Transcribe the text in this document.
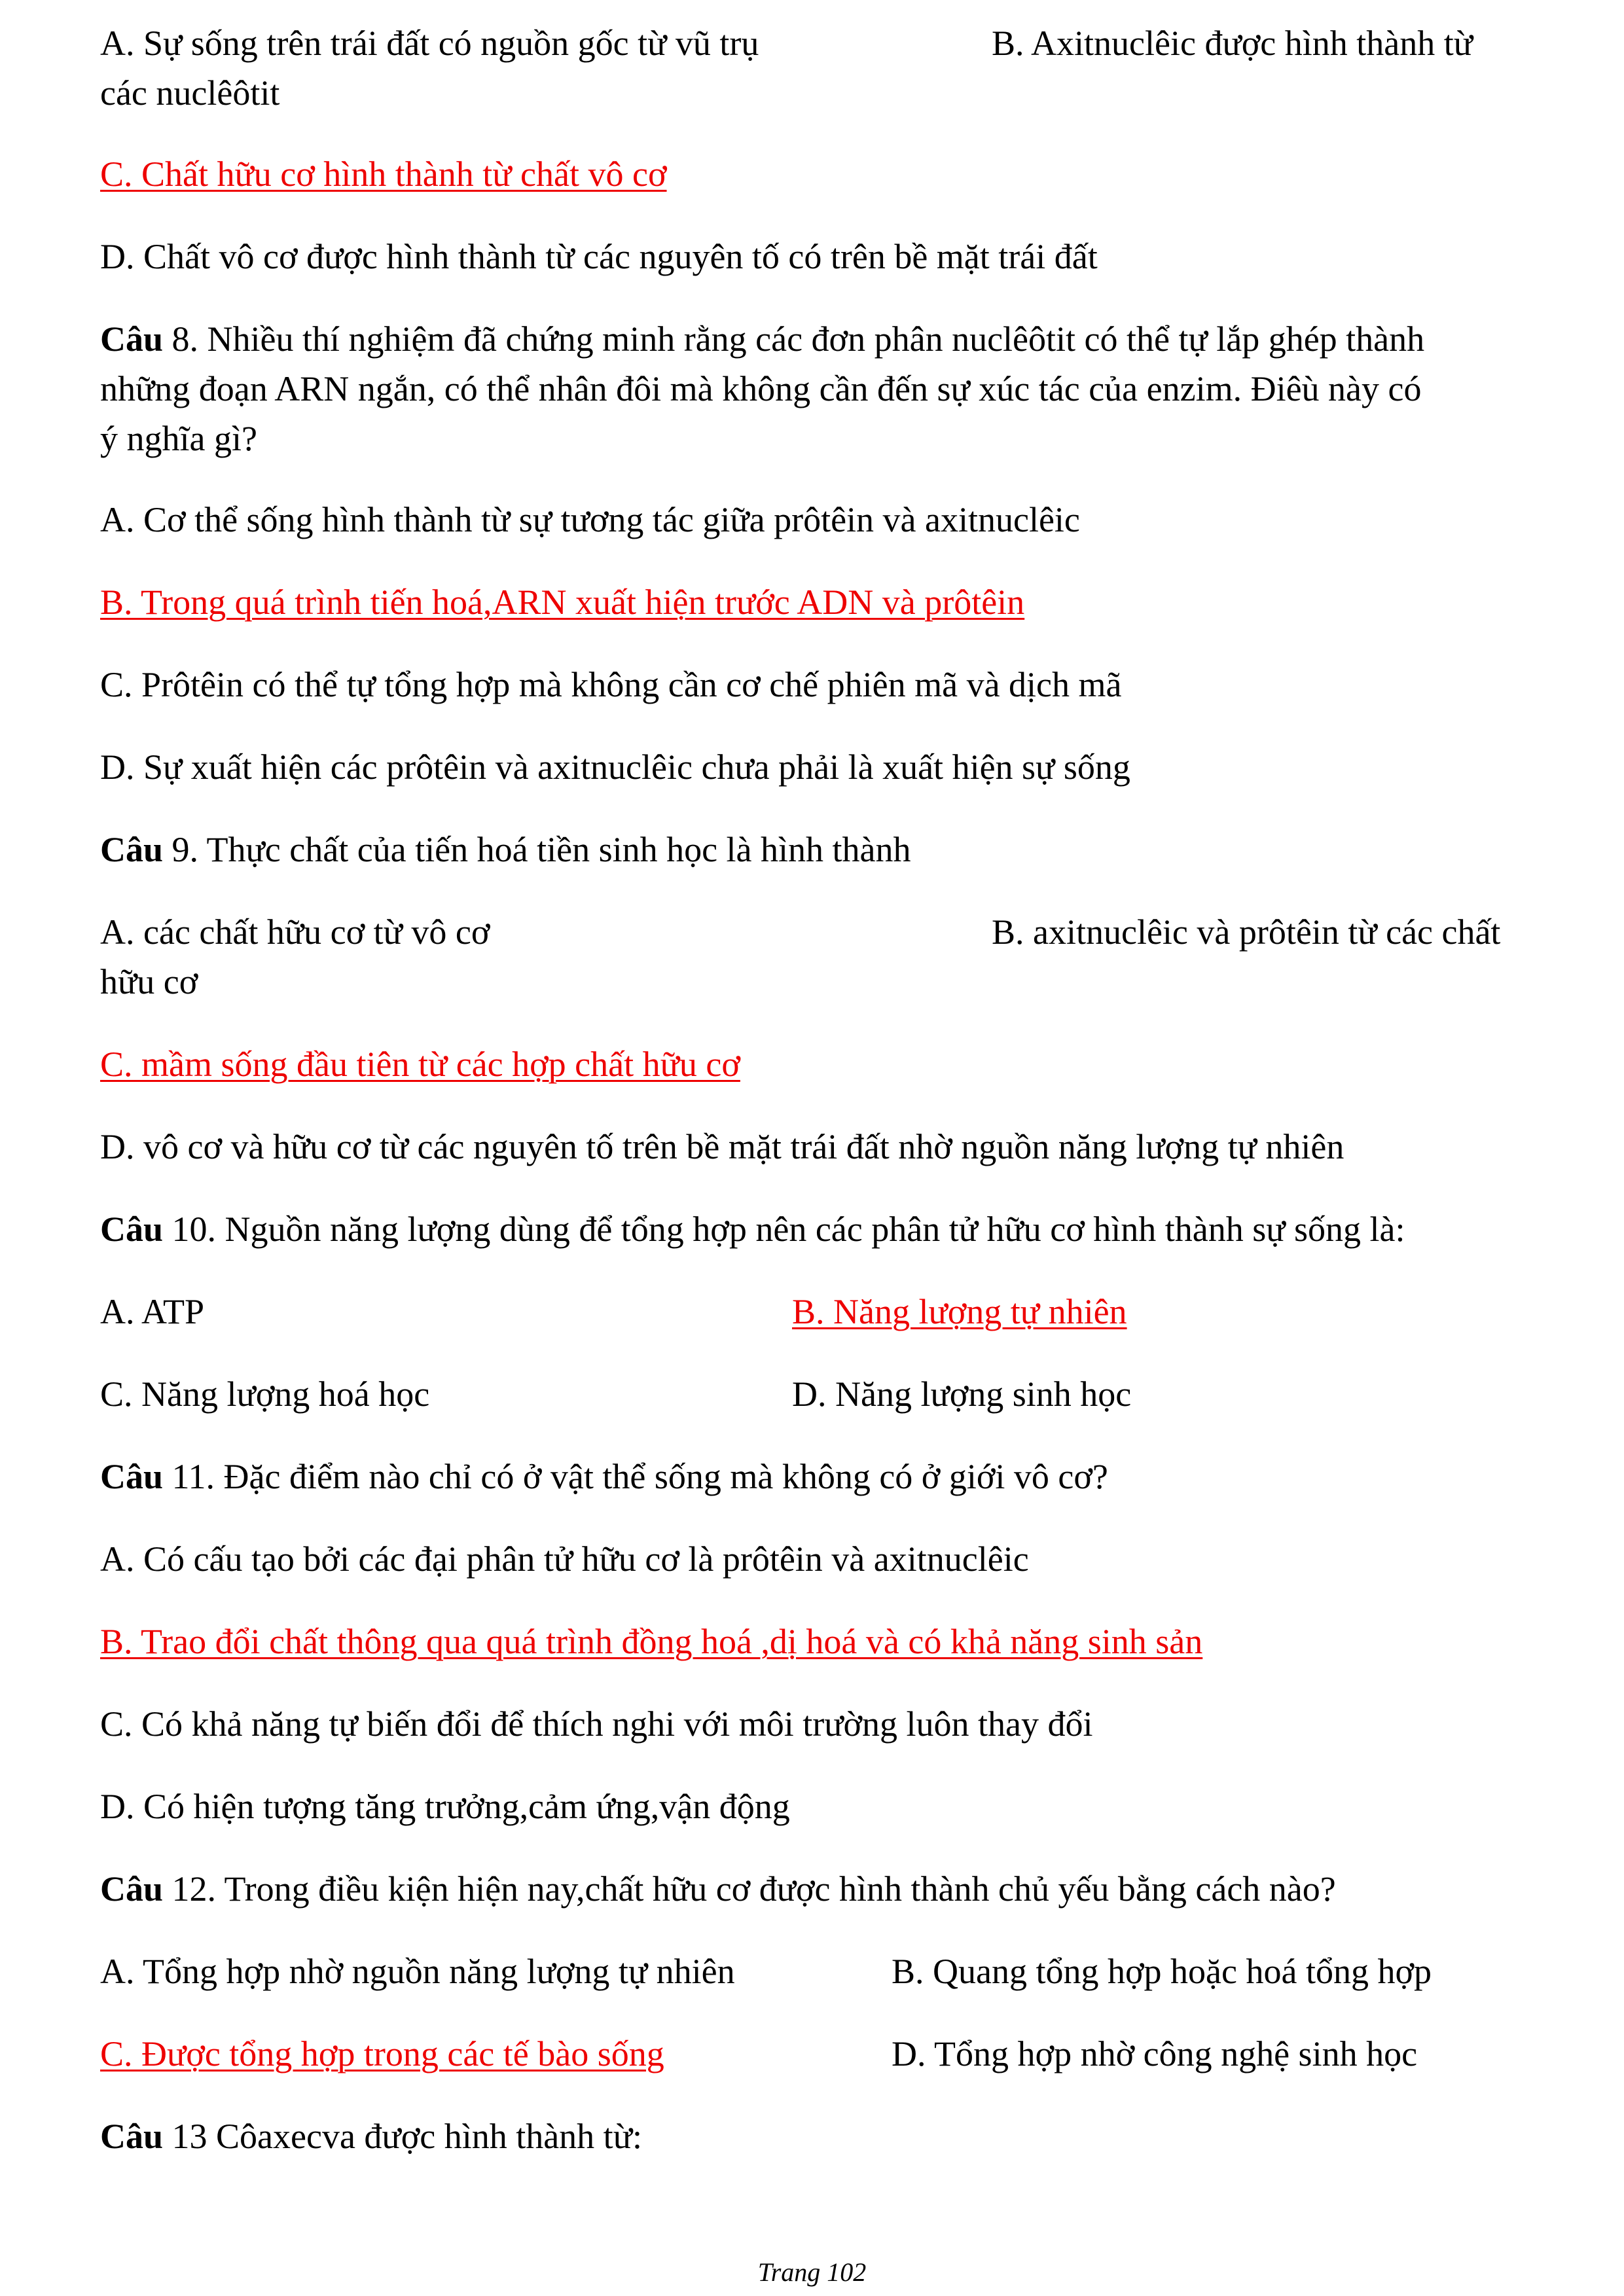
A. Sự sống trên trái đất có nguồn gốc từ vũ trụ	B. Axitnuclêic được hình thành từ
các nuclêôtit
C. Chất hữu cơ hình thành từ chất vô cơ
D. Chất vô cơ được hình thành từ các nguyên tố có trên bề mặt trái đất
Câu 8. Nhiều thí nghiệm đã chứng minh rằng các đơn phân nuclêôtit có thể tự lắp ghép thành
những đoạn ARN ngắn, có thể nhân đôi mà không cần đến sự xúc tác của enzim. Điêù này có
ý nghĩa gì?
A. Cơ thể sống hình thành từ sự tương tác giữa prôtêin và axitnuclêic
B. Trong quá trình tiến hoá,ARN xuất hiện trước ADN và prôtêin
C. Prôtêin có thể tự tổng hợp mà không cần cơ chế phiên mã và dịch mã
D. Sự xuất hiện các prôtêin và axitnuclêic chưa phải là xuất hiện sự sống
Câu 9. Thực chất của tiến hoá tiền sinh học là hình thành
A. các chất hữu cơ từ vô cơ	B. axitnuclêic và prôtêin từ các chất
hữu cơ
C. mầm sống đầu tiên từ các hợp chất hữu cơ
D. vô cơ và hữu cơ từ các nguyên tố trên bề mặt trái đất nhờ nguồn năng lượng tự nhiên
Câu 10. Nguồn năng lượng dùng để tổng hợp nên các phân tử hữu cơ hình thành sự sống là:
A. ATP	B. Năng lượng tự nhiên
C. Năng lượng hoá học	D. Năng lượng sinh học
Câu 11. Đặc điểm nào chỉ có ở vật thể sống mà không có ở giới vô cơ?
A. Có cấu tạo bởi các đại phân tử hữu cơ là prôtêin và axitnuclêic
B. Trao đổi chất thông qua quá trình đồng hoá ,dị hoá và có khả năng sinh sản
C. Có khả năng tự biến đổi để thích nghi với môi trường luôn thay đổi
D. Có hiện tượng tăng trưởng,cảm ứng,vận động
Câu 12. Trong điều kiện hiện nay,chất hữu cơ được hình thành chủ yếu bằng cách nào?
A. Tổng hợp nhờ nguồn năng lượng tự nhiên	B. Quang tổng hợp hoặc hoá tổng hợp
C. Được tổng hợp trong các tế bào sống	D. Tổng hợp nhờ công nghệ sinh học
Câu 13 Côaxecva được hình thành từ:
Trang 102
